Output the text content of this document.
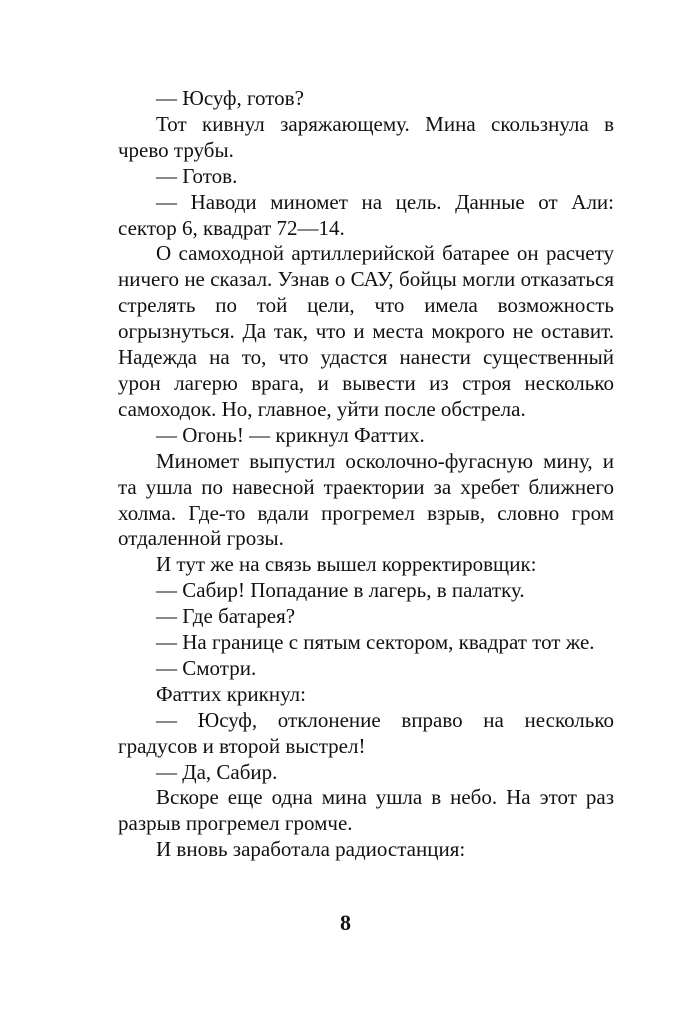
— Юсуф, готов?

Тот кивнул заряжающему. Мина скользнула в чрево трубы.

— Готов.

— Наводи миномет на цель. Данные от Али: сектор 6, квадрат 72—14.

О самоходной артиллерийской батарее он расчету ничего не сказал. Узнав о САУ, бойцы могли отказаться стрелять по той цели, что имела возможность огрызнуться. Да так, что и места мокрого не оставит. Надежда на то, что удастся нанести существенный урон лагерю врага, и вывести из строя несколько самоходок. Но, главное, уйти после обстрела.

— Огонь! — крикнул Фаттих.

Миномет выпустил осколочно-фугасную мину, и та ушла по навесной траектории за хребет ближнего холма. Где-то вдали прогремел взрыв, словно гром отдаленной грозы.

И тут же на связь вышел корректировщик:

— Сабир! Попадание в лагерь, в палатку.

— Где батарея?

— На границе с пятым сектором, квадрат тот же.

— Смотри.

Фаттих крикнул:

— Юсуф, отклонение вправо на несколько градусов и второй выстрел!

— Да, Сабир.

Вскоре еще одна мина ушла в небо. На этот раз разрыв прогремел громче.

И вновь заработала радиостанция:

8
